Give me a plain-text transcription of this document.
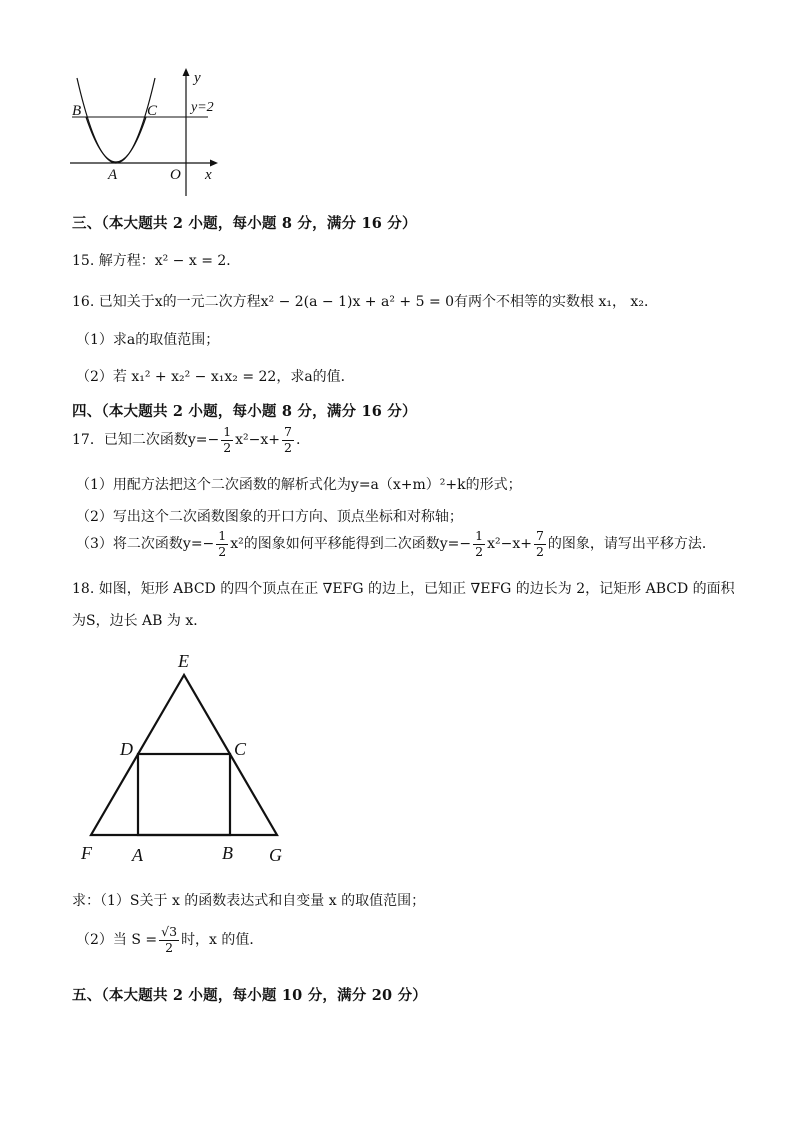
y
y=2
B	C
A	O x
三、（本大题共 2 小题，每小题 8 分，满分 16 分）
15. 解方程：x² − x = 2．
16. 已知关于x的一元二次方程x² − 2(a − 1)x + a² + 5 = 0有两个不相等的实数根 x₁， x₂．
（1）求a的取值范围；
（2）若 x₁² + x₂² − x₁x₂ = 22，求a的值．
四、（本大题共 2 小题，每小题 8 分，满分 16 分）
17．已知二次函数$y=- \frac{1}{2} x^2-x+ \frac{7}{2}$ .
（1）用配方法把这个二次函数的解析式化为y=a（x+m）²+k的形式；
（2）写出这个二次函数图象的开口方向、顶点坐标和对称轴；
（3）将二次函数$y=- \frac{1}{2} x^2$的图象如何平移能得到二次函数$y=- \frac{1}{2} x^2-x+ \frac{7}{2}$ 的图象，请写出平移方法．
18. 如图，矩形 ABCD 的四个顶点在正 ∇EFG 的边上，已知正 ∇EFG 的边长为 2，记矩形 ABCD 的面积
为S，边长 AB 为 x．
E
D	C
F A	B G
求：（1）S关于 x 的函数表达式和自变量 x 的取值范围；
（2）当 $S = \frac{√3}{2}$ 时，x 的值．
五、（本大题共 2 小题，每小题 10 分，满分 20 分）
